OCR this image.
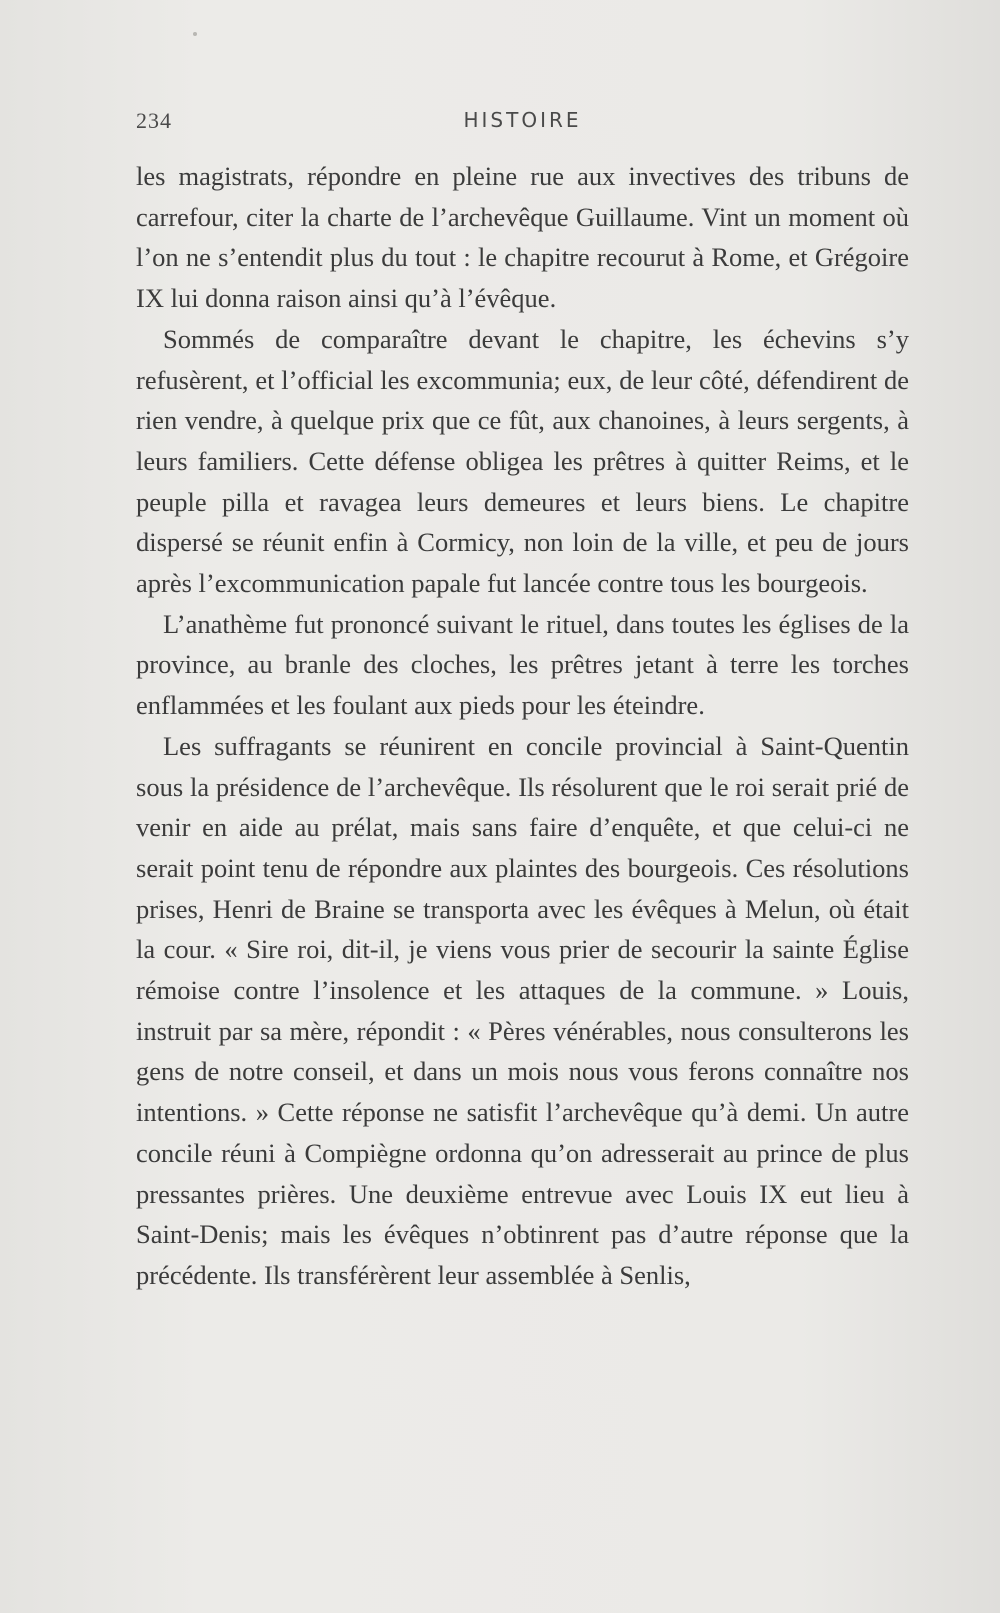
234	HISTOIRE

les magistrats, répondre en pleine rue aux invectives des tribuns de carrefour, citer la charte de l’archevêque Guillaume. Vint un moment où l’on ne s’entendit plus du tout : le chapitre recourut à Rome, et Grégoire IX lui donna raison ainsi qu’à l’évêque.

Sommés de comparaître devant le chapitre, les échevins s’y refusèrent, et l’official les excommunia; eux, de leur côté, défendirent de rien vendre, à quelque prix que ce fût, aux chanoines, à leurs sergents, à leurs familiers. Cette défense obligea les prêtres à quitter Reims, et le peuple pilla et ravagea leurs demeures et leurs biens. Le chapitre dispersé se réunit enfin à Cormicy, non loin de la ville, et peu de jours après l’excommunication papale fut lancée contre tous les bourgeois.

L’anathème fut prononcé suivant le rituel, dans toutes les églises de la province, au branle des cloches, les prêtres jetant à terre les torches enflammées et les foulant aux pieds pour les éteindre.

Les suffragants se réunirent en concile provincial à Saint-Quentin sous la présidence de l’archevêque. Ils résolurent que le roi serait prié de venir en aide au prélat, mais sans faire d’enquête, et que celui-ci ne serait point tenu de répondre aux plaintes des bourgeois. Ces résolutions prises, Henri de Braine se transporta avec les évêques à Melun, où était la cour. « Sire roi, dit-il, je viens vous prier de secourir la sainte Église rémoise contre l’insolence et les attaques de la commune. » Louis, instruit par sa mère, répondit : « Pères vénérables, nous consulterons les gens de notre conseil, et dans un mois nous vous ferons connaître nos intentions. » Cette réponse ne satisfit l’archevêque qu’à demi. Un autre concile réuni à Compiègne ordonna qu’on adresserait au prince de plus pressantes prières. Une deuxième entrevue avec Louis IX eut lieu à Saint-Denis; mais les évêques n’obtinrent pas d’autre réponse que la précédente. Ils transférèrent leur assemblée à Senlis,
